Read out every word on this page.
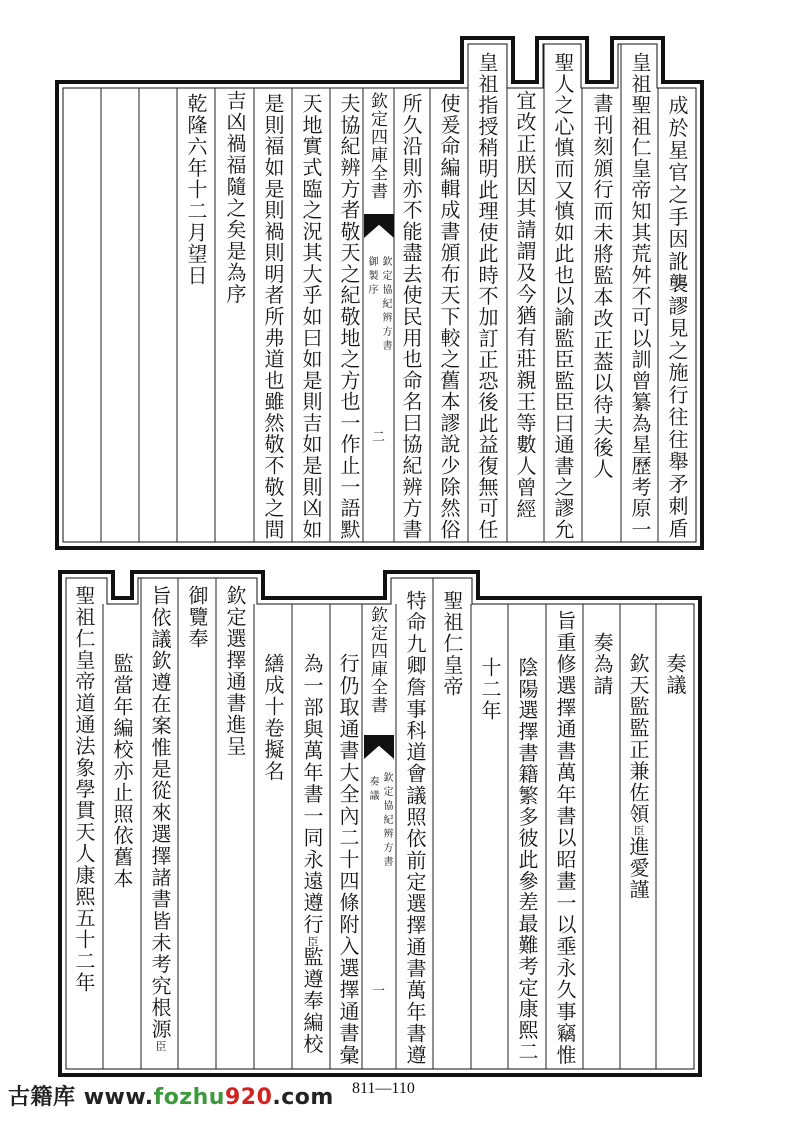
欽定四庫全書
欽定協紀辨方書
御製序
二
欽定四庫全書
欽定協紀辨方書
奏議
一
成於星官之手因訛襲謬見之施行往往舉矛刺盾
皇祖聖祖仁皇帝知其荒舛不可以訓曾纂為星歷考原一
書刊刻頒行而未將監本改正葢以待夫後人
聖人之心慎而又慎如此也以諭監臣監臣曰通書之謬允
宜改正朕因其請謂及今猶有莊親王等數人曾經
皇祖指授稍明此理使此時不加訂正恐後此益復無可任
使爰命編輯成書頒布天下較之舊本謬說少除然俗
所久沿則亦不能盡去使民用也命名曰協紀辨方書
夫協紀辨方者敬天之紀敬地之方也一作止一語默
天地實式臨之況其大乎如曰如是則吉如是則凶如
是則福如是則禍則明者所弗道也雖然敬不敬之間
吉凶禍福隨之矣是為序
乾隆六年十二月望日
奏議
欽天監監正兼佐領臣進愛謹
奏為請
旨重修選擇通書萬年書以昭畫一以埀永久事竊惟
陰陽選擇書籍繁多彼此參差最難考定康熙二
十二年
聖祖仁皇帝
特命九卿詹事科道會議照依前定選擇通書萬年書遵
行仍取通書大全內二十四條附入選擇通書彙
為一部與萬年書一同永遠遵行臣監遵奉編校
繕成十卷擬名
欽定選擇通書進呈
御覽奉
旨依議欽遵在案惟是從來選擇諸書皆未考究根源臣
監當年編校亦止照依舊本
聖祖仁皇帝道通法象學貫天人康熙五十二年
古籍库 www.fozhu920.com 811—110
